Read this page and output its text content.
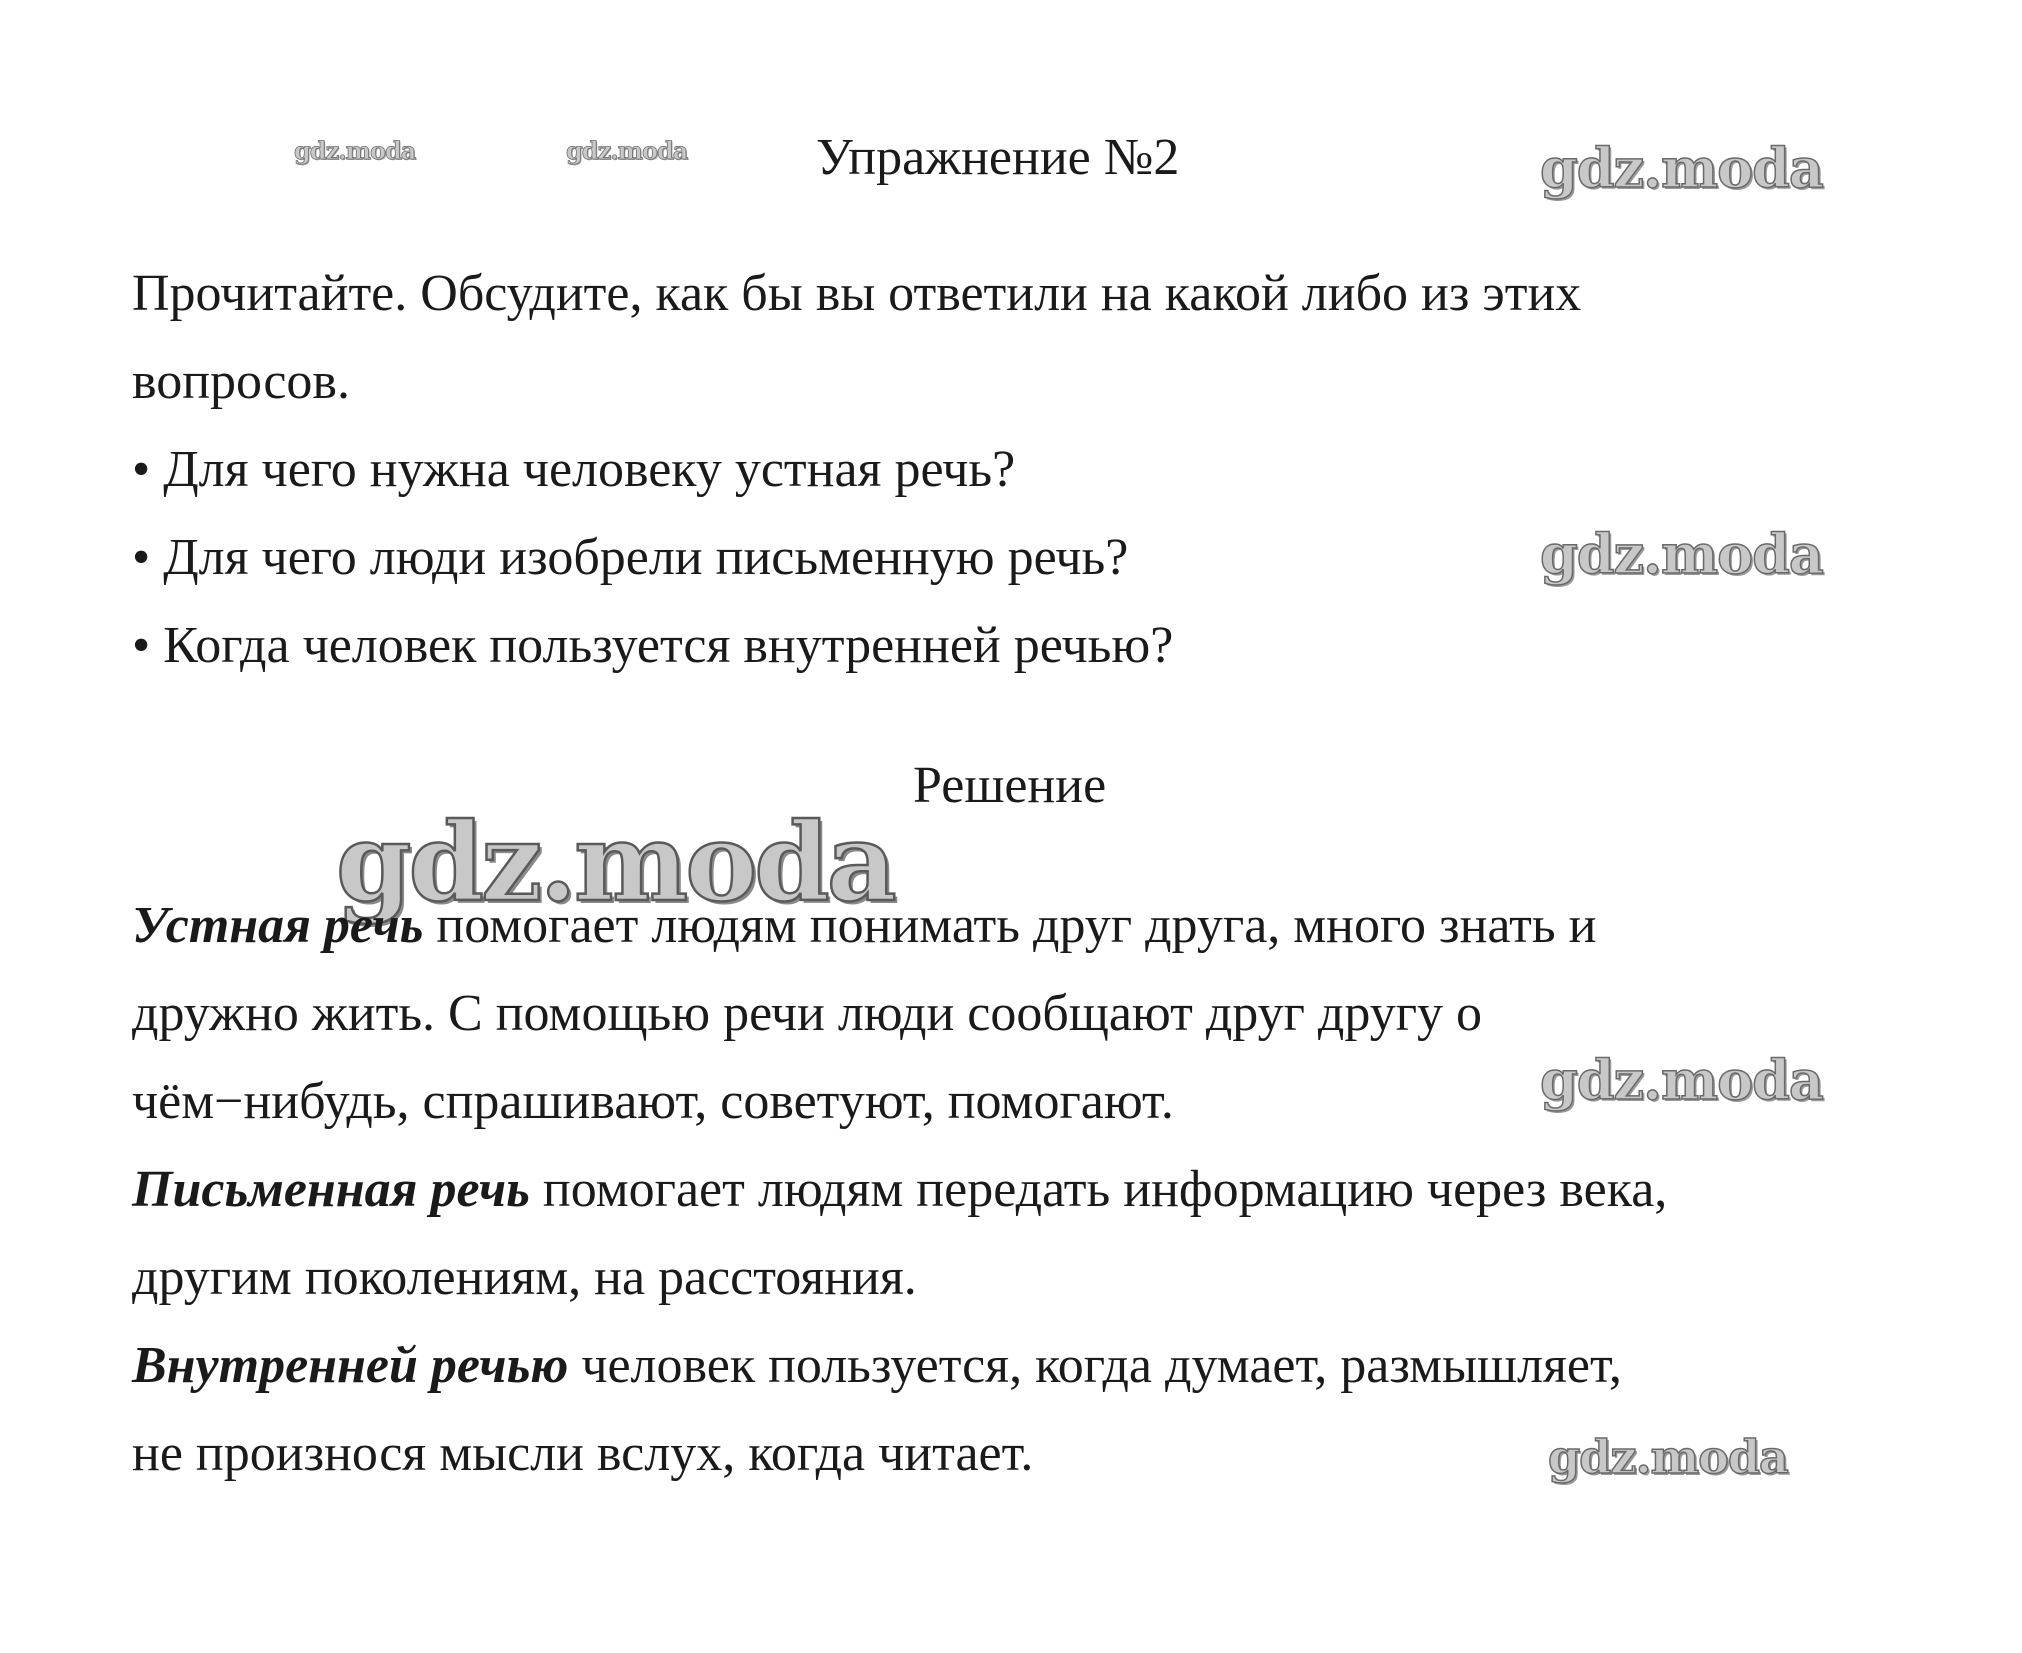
gdz.moda	gdz.moda	gdz.moda
gdz.moda
gdz.moda
gdz.moda
gdz.moda
Упражнение №2
Прочитайте. Обсудите, как бы вы ответили на какой либо из этих
вопросов.
• Для чего нужна человеку устная речь?
• Для чего люди изобрели письменную речь?
• Когда человек пользуется внутренней речью?
Решение
Устная речь помогает людям понимать друг друга, много знать и
дружно жить. С помощью речи люди сообщают друг другу о
чём−нибудь, спрашивают, советуют, помогают.
Письменная речь помогает людям передать информацию через века,
другим поколениям, на расстояния.
Внутренней речью человек пользуется, когда думает, размышляет,
не произнося мысли вслух, когда читает.
